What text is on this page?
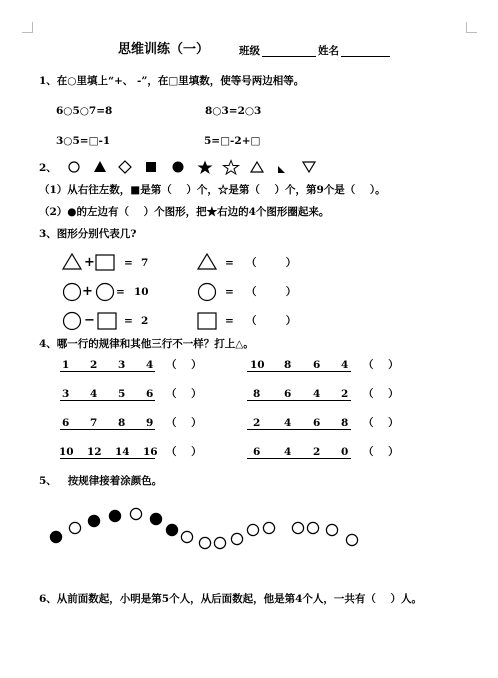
思维训练（一）	班级	姓名
1、在○里填上“+、 -”，在□里填数，使等号两边相等。
6○5○7=8	8○3=2○3
3○5=□-1	5=□-2+□
2、
（1）从右往左数，■是第（    ）个，☆是第（    ）个，第9个是（    ）。
（2）●的左边有（    ）个图形，把★右边的4个图形圈起来。
3、图形分别代表几?
+	= 7	= （        ）
+ = 10	= （        ）
−	= 2	= （        ）
4、哪一行的规律和其他三行不一样？打上△。
1 2 3 4 （    ）
3 4 5 6 （    ）
6 7 8 9 （    ）
10 12 14 16 （    ）
10 8 6 4 （    ）
8 6 4 2 （    ）
2 4 6 8 （    ）
6 4 2 0 （    ）
5、   按规律接着涂颜色。
6、从前面数起，小明是第5个人，从后面数起，他是第4个人，一共有（    ）人。
